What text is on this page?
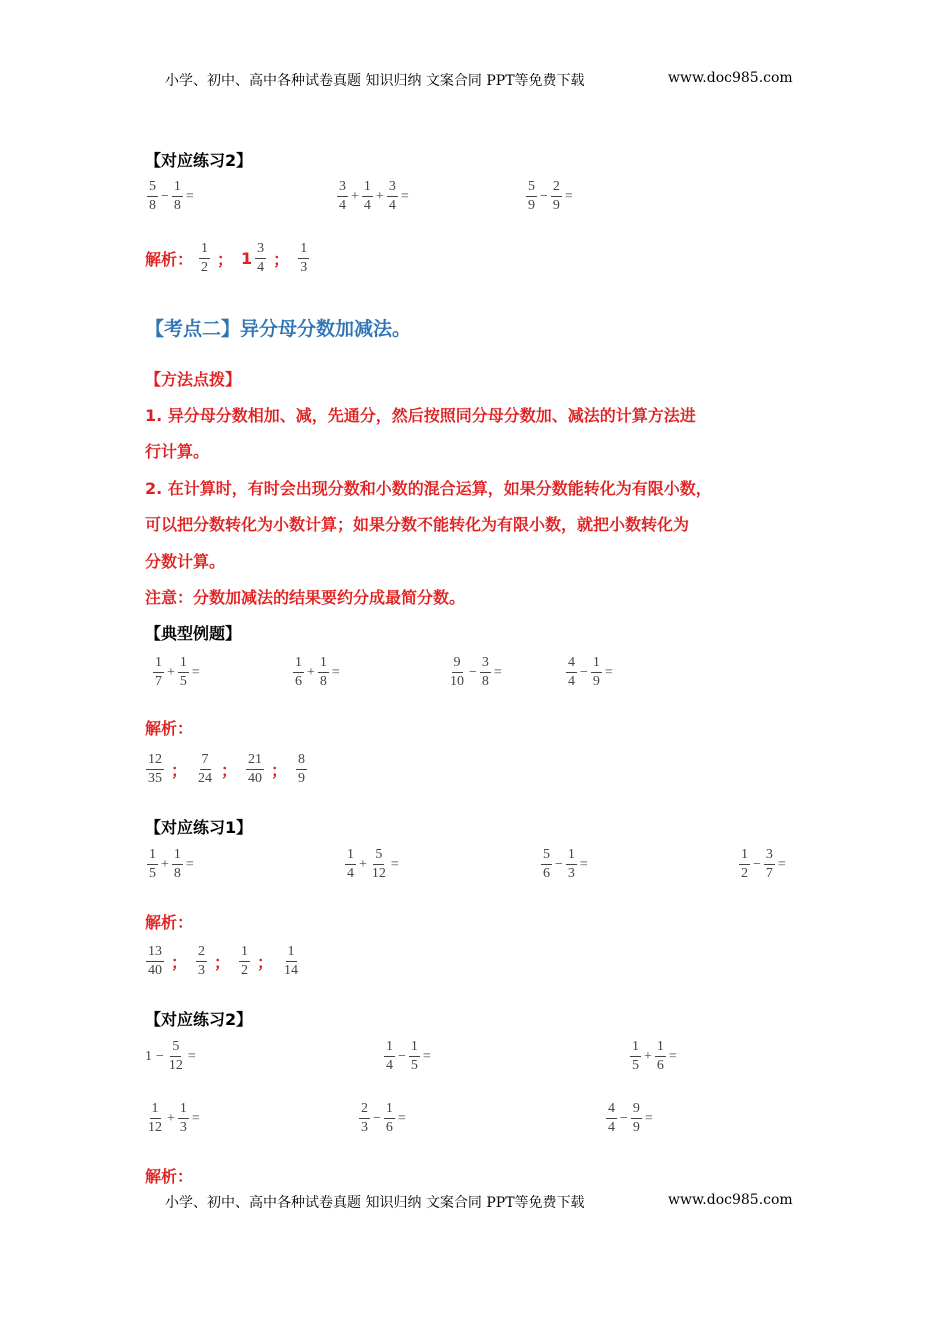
小学、初中、高中各种试卷真题 知识归纳 文案合同 PPT等免费下载	www.doc985.com
【对应练习2】
$\frac{5}{8} - \frac{1}{8}$ =	$\frac{3}{4} + \frac{1}{4} + \frac{3}{4}$ =	$\frac{5}{9} - \frac{2}{9}$ =
解析： $\frac{1}{2}$ ； $1 \frac{3}{4}$ ； $\frac{1}{3}$
【考点二】异分母分数加减法。
【方法点拨】
1. 异分母分数相加、减，先通分，然后按照同分母分数加、减法的计算方法进
行计算。
2. 在计算时，有时会出现分数和小数的混合运算，如果分数能转化为有限小数，
可以把分数转化为小数计算；如果分数不能转化为有限小数，就把小数转化为
分数计算。
注意：分数加减法的结果要约分成最简分数。
【典型例题】
$\frac{1}{7} + \frac{1}{5}$ =	$\frac{1}{6} + \frac{1}{8}$ =	$\frac{9}{10} - \frac{3}{8}$ =	$\frac{4}{4} - \frac{1}{9}$ =
解析：
$\frac{12}{35}$ ； $\frac{7}{24}$ ； $\frac{21}{40}$ ； $\frac{8}{9}$
【对应练习1】
$\frac{1}{5} + \frac{1}{8}$ =	$\frac{1}{4} + \frac{5}{12}$ =	$\frac{5}{6} - \frac{1}{3}$ =	$\frac{1}{2} - \frac{3}{7}$ =
解析：
$\frac{13}{40}$ ； $\frac{2}{3}$ ； $\frac{1}{2}$ ； $\frac{1}{14}$
【对应练习2】
$1 - \frac{5}{12}$ =	$\frac{1}{4} - \frac{1}{5}$ =	$\frac{1}{5} + \frac{1}{6}$ =
$\frac{1}{12} + \frac{1}{3}$ =	$\frac{2}{3} - \frac{1}{6}$ =	$\frac{4}{4} - \frac{9}{9}$ =
解析：
小学、初中、高中各种试卷真题 知识归纳 文案合同 PPT等免费下载	www.doc985.com
